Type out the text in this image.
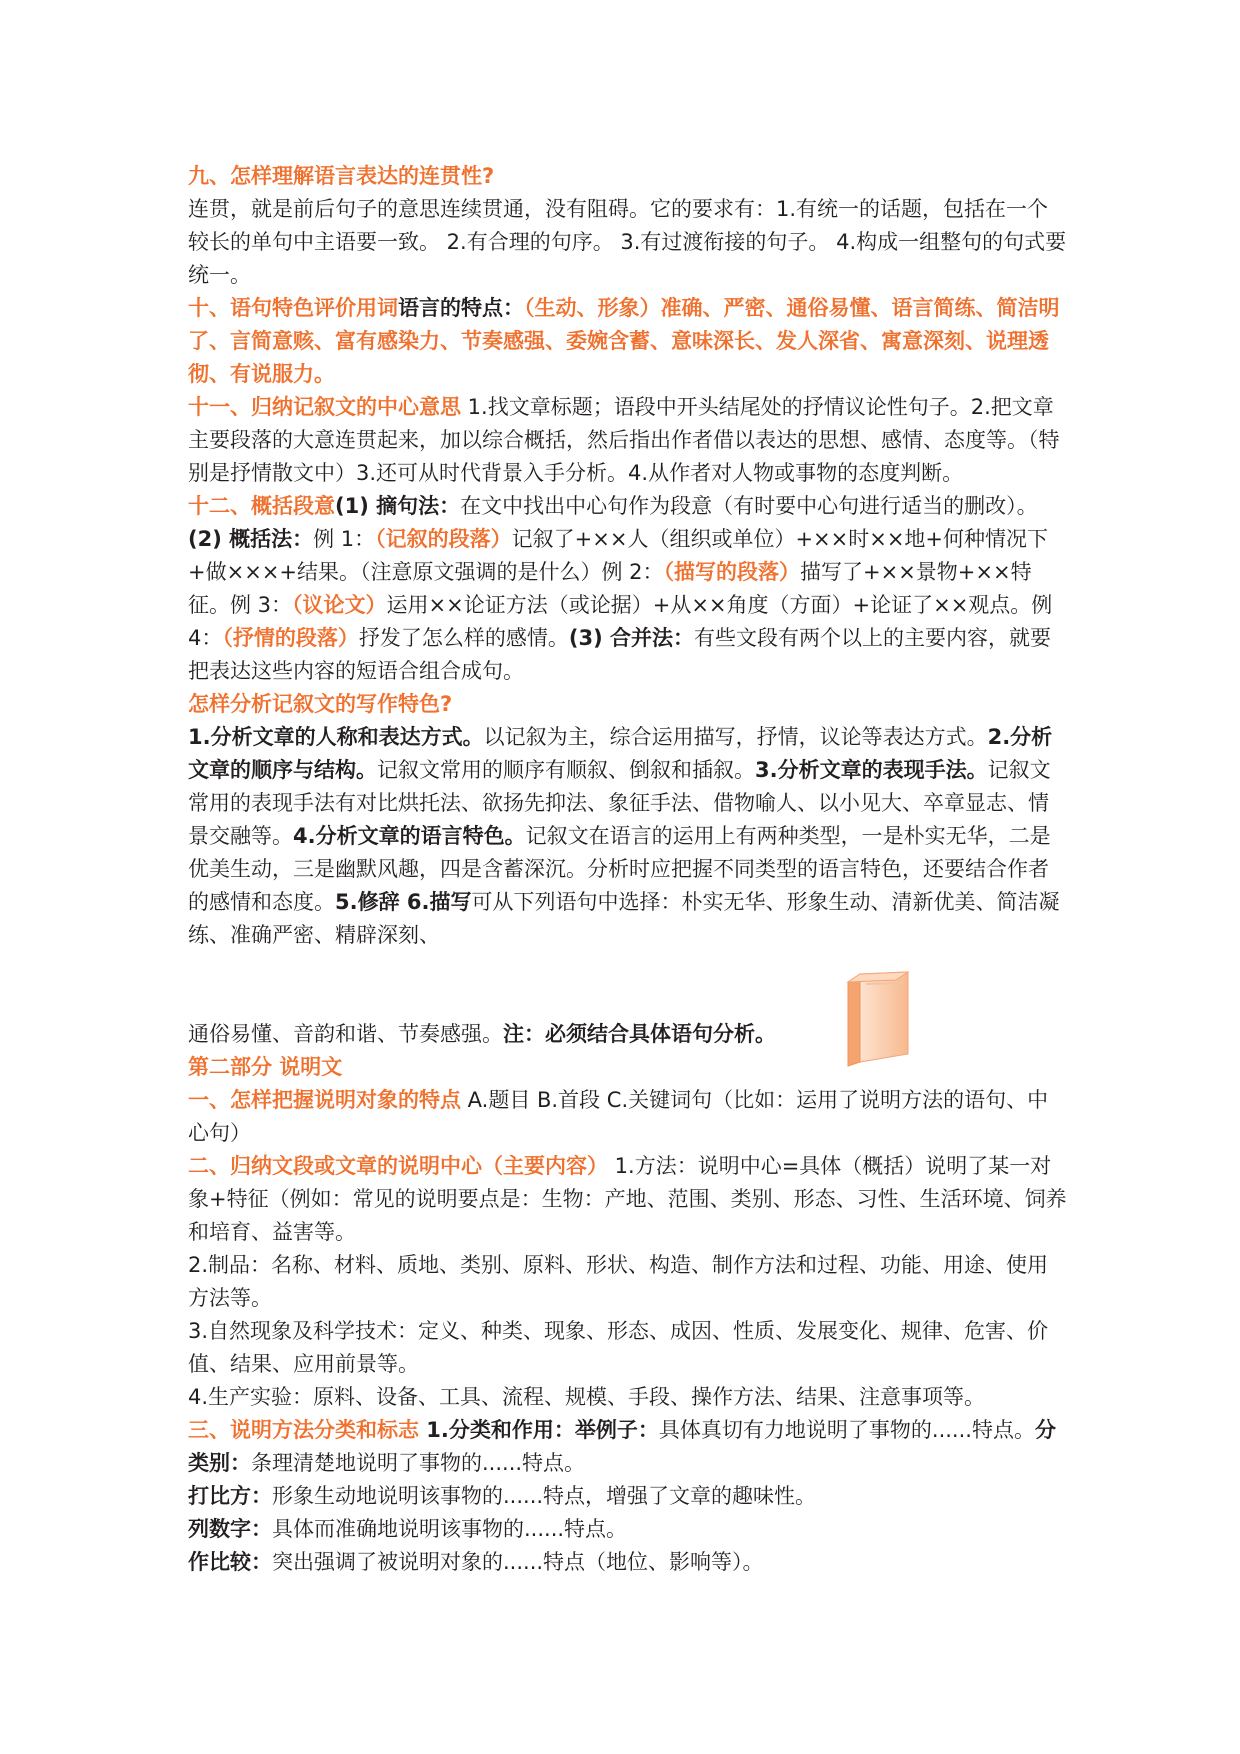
九、怎样理解语言表达的连贯性?

连贯，就是前后句子的意思连续贯通，没有阻碍。它的要求有：1.有统一的话题，包括在一个较长的单句中主语要一致。 2.有合理的句序。 3.有过渡衔接的句子。 4.构成一组整句的句式要统一。

十、语句特色评价用词语言的特点：（生动、形象）准确、严密、通俗易懂、语言简练、简洁明了、言简意赅、富有感染力、节奏感强、委婉含蓄、意味深长、发人深省、寓意深刻、说理透彻、有说服力。

十一、归纳记叙文的中心意思 1.找文章标题；语段中开头结尾处的抒情议论性句子。2.把文章主要段落的大意连贯起来，加以综合概括，然后指出作者借以表达的思想、感情、态度等。（特别是抒情散文中）3.还可从时代背景入手分析。4.从作者对人物或事物的态度判断。

十二、概括段意(1) 摘句法：在文中找出中心句作为段意（有时要中心句进行适当的删改）。(2) 概括法：例 1：（记叙的段落）记叙了+××人（组织或单位）+××时××地+何种情况下+做×××+结果。（注意原文强调的是什么）例 2：（描写的段落）描写了+××景物+××特征。例 3：（议论文）运用××论证方法（或论据）+从××角度（方面）+论证了××观点。例 4：（抒情的段落）抒发了怎么样的感情。(3) 合并法：有些文段有两个以上的主要内容，就要把表达这些内容的短语合组合成句。

怎样分析记叙文的写作特色?

1.分析文章的人称和表达方式。以记叙为主，综合运用描写，抒情，议论等表达方式。2.分析文章的顺序与结构。记叙文常用的顺序有顺叙、倒叙和插叙。3.分析文章的表现手法。记叙文常用的表现手法有对比烘托法、欲扬先抑法、象征手法、借物喻人、以小见大、卒章显志、情景交融等。4.分析文章的语言特色。记叙文在语言的运用上有两种类型，一是朴实无华，二是优美生动，三是幽默风趣，四是含蓄深沉。分析时应把握不同类型的语言特色，还要结合作者的感情和态度。5.修辞 6.描写可从下列语句中选择：朴实无华、形象生动、清新优美、简洁凝练、准确严密、精辟深刻、

通俗易懂、音韵和谐、节奏感强。注：必须结合具体语句分析。

第二部分 说明文

一、怎样把握说明对象的特点 A.题目 B.首段 C.关键词句（比如：运用了说明方法的语句、中心句）

二、归纳文段或文章的说明中心（主要内容） 1.方法：说明中心=具体（概括）说明了某一对象+特征（例如：常见的说明要点是：生物：产地、范围、类别、形态、习性、生活环境、饲养和培育、益害等。

2.制品：名称、材料、质地、类别、原料、形状、构造、制作方法和过程、功能、用途、使用方法等。

3.自然现象及科学技术：定义、种类、现象、形态、成因、性质、发展变化、规律、危害、价值、结果、应用前景等。

4.生产实验：原料、设备、工具、流程、规模、手段、操作方法、结果、注意事项等。

三、说明方法分类和标志 1.分类和作用：举例子：具体真切有力地说明了事物的......特点。分类别：条理清楚地说明了事物的......特点。

打比方：形象生动地说明该事物的......特点，增强了文章的趣味性。

列数字：具体而准确地说明该事物的......特点。

作比较：突出强调了被说明对象的......特点（地位、影响等）。
